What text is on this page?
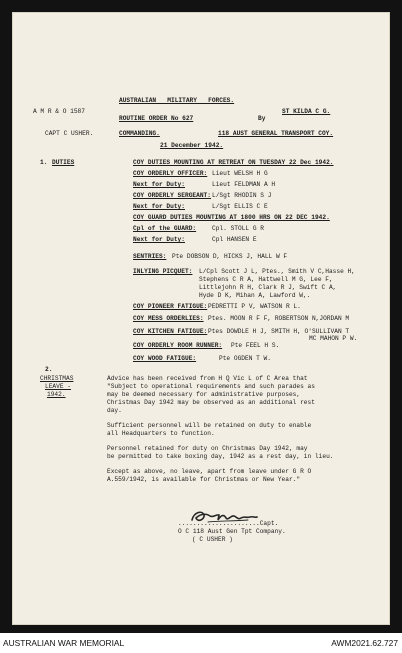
A M R & O 1587
AUSTRALIAN   MILITARY   FORCES.
ST KILDA C G.
CAPT C USHER.
ROUTINE ORDER No 627	By
COMMANDING.	118 AUST GENERAL TRANSPORT COY.
21 December 1942.
1. DUTIES	COY DUTIES MOUNTING AT RETREAT ON TUESDAY 22 Dec 1942.
COY ORDERLY OFFICER: Lieut WELSH H G
Next for Duty:	Lieut FELDMAN A H
COY ORDERLY SERGEANT: L/Sgt RHODIN S J
Next for Duty:	L/Sgt ELLIS C E
COY GUARD DUTIES MOUNTING AT 1800 HRS ON 22 DEC 1942.
Cpl of the GUARD:	Cpl. STOLL G R
Next for Duty:	Cpl HANSEN E
SENTRIES: Pte DOBSON D, HICKS J, HALL W F
INLYING PICQUET: L/Cpl Scott J L, Ptes., Smith V C,Hasse H,
Stephens C R A, Hattwell M G, Lee F,
Littlejohn R H, Clark R J, Swift C A,
Hyde D K, Mihan A, Lawford W,.
COY PIONEER FATIGUE: PEDRETTI P V, WATSON R L.
COY MESS ORDERLIES: Ptes. MOON R F F, ROBERTSON N,JORDAN M
COY KITCHEN FATIGUE: Ptes DOWDLE H J, SMITH H, O'SULLIVAN T
MC MAHON P W.
COY ORDERLY ROOM RUNNER: Pte FEEL H S.
COY WOOD FATIGUE:	Pte OGDEN T W.
2.
CHRISTMAS
LEAVE -
1942.
Advice has been received from H Q Vic L of C Area that
"Subject to operational requirements and such parades as
may be deemed necessary for administrative purposes,
Christmas Day 1942 may be observed as an additional rest
day.
Sufficient personnel will be retained on duty to enable
all Headquarters to function.
Personnel retained for duty on Christmas Day 1942, may
be permitted to take boxing day, 1942 as a rest day, in lieu.
Except as above, no leave, apart from leave under G R O
A.559/1942, is available for Christmas or New Year."
......................Capt.
O C 118 Aust Gen Tpt Company.
( C USHER )
AUSTRALIAN WAR MEMORIAL	AWM2021.62.727
